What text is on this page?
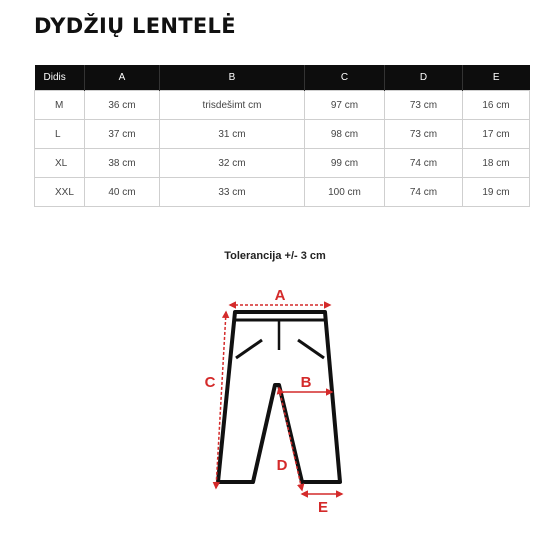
DYDŽIŲ LENTELĖ
Didis	A	B	C	D	E
M	36 cm	trisdešimt cm	97 cm	73 cm	16 cm
L	37 cm	31 cm	98 cm	73 cm	17 cm
XL	38 cm	32 cm	99 cm	74 cm	18 cm
XXL	40 cm	33 cm	100 cm	74 cm	19 cm
Tolerancija +/- 3 cm
A
B
C
D
E
